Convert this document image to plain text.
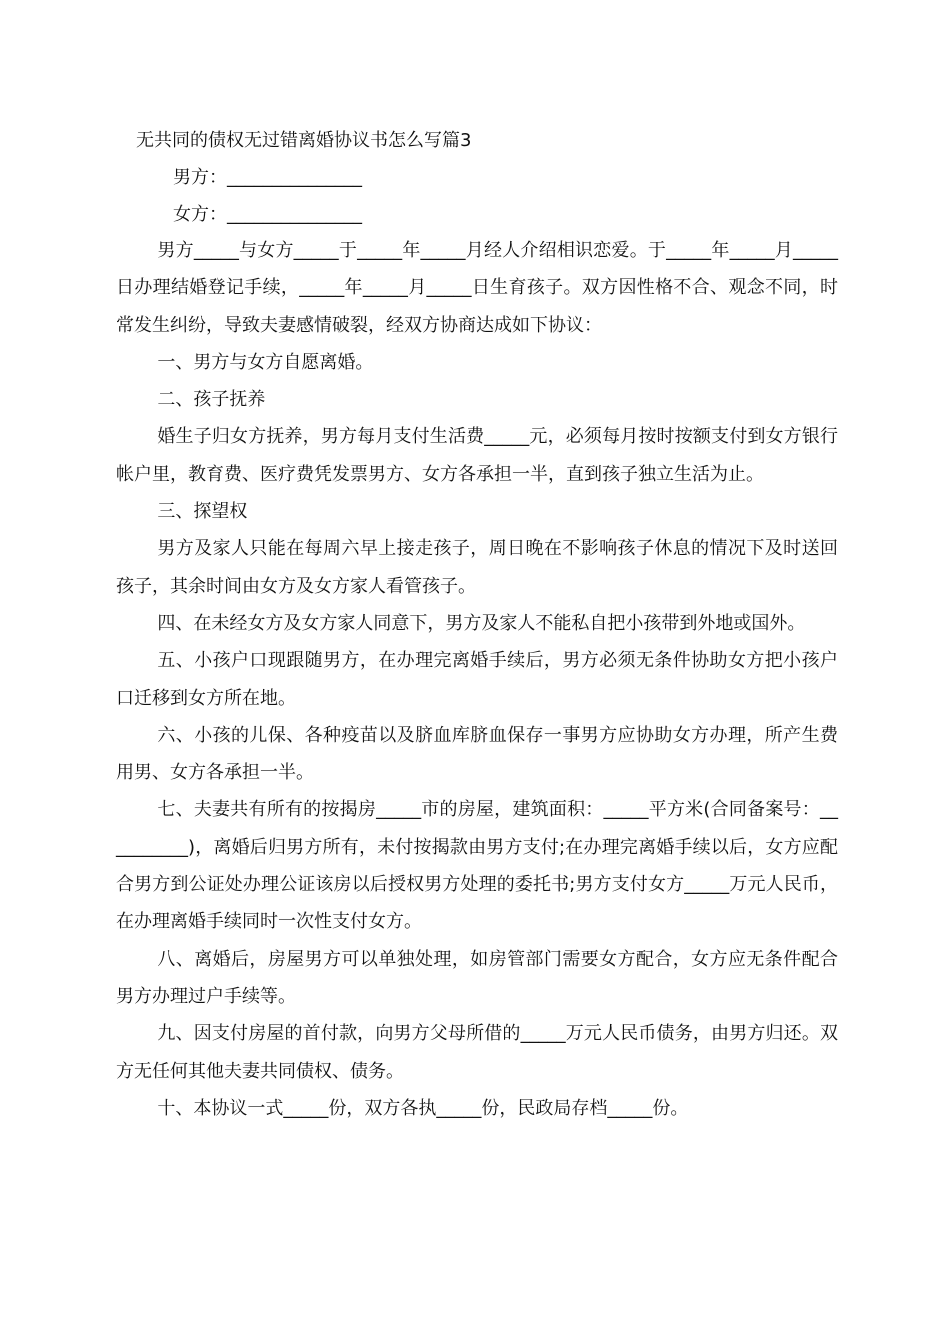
无共同的债权无过错离婚协议书怎么写篇3
男方：_______________
女方：_______________

男方_____与女方_____于_____年_____月经人介绍相识恋爱。于_____年_____月_____日办理结婚登记手续，_____年_____月_____日生育孩子。双方因性格不合、观念不同，时常发生纠纷，导致夫妻感情破裂，经双方协商达成如下协议：

一、男方与女方自愿离婚。

二、孩子抚养

婚生子归女方抚养，男方每月支付生活费_____元，必须每月按时按额支付到女方银行帐户里，教育费、医疗费凭发票男方、女方各承担一半，直到孩子独立生活为止。

三、探望权

男方及家人只能在每周六早上接走孩子，周日晚在不影响孩子休息的情况下及时送回孩子，其余时间由女方及女方家人看管孩子。

四、在未经女方及女方家人同意下，男方及家人不能私自把小孩带到外地或国外。

五、小孩户口现跟随男方，在办理完离婚手续后，男方必须无条件协助女方把小孩户口迁移到女方所在地。

六、小孩的儿保、各种疫苗以及脐血库脐血保存一事男方应协助女方办理，所产生费用男、女方各承担一半。

七、夫妻共有所有的按揭房_____市的房屋，建筑面积：_____平方米(合同备案号：__________)，离婚后归男方所有，未付按揭款由男方支付;在办理完离婚手续以后，女方应配合男方到公证处办理公证该房以后授权男方处理的委托书;男方支付女方_____万元人民币，在办理离婚手续同时一次性支付女方。

八、离婚后，房屋男方可以单独处理，如房管部门需要女方配合，女方应无条件配合男方办理过户手续等。

九、因支付房屋的首付款，向男方父母所借的_____万元人民币债务，由男方归还。双方无任何其他夫妻共同债权、债务。

十、本协议一式_____份，双方各执_____份，民政局存档_____份。
